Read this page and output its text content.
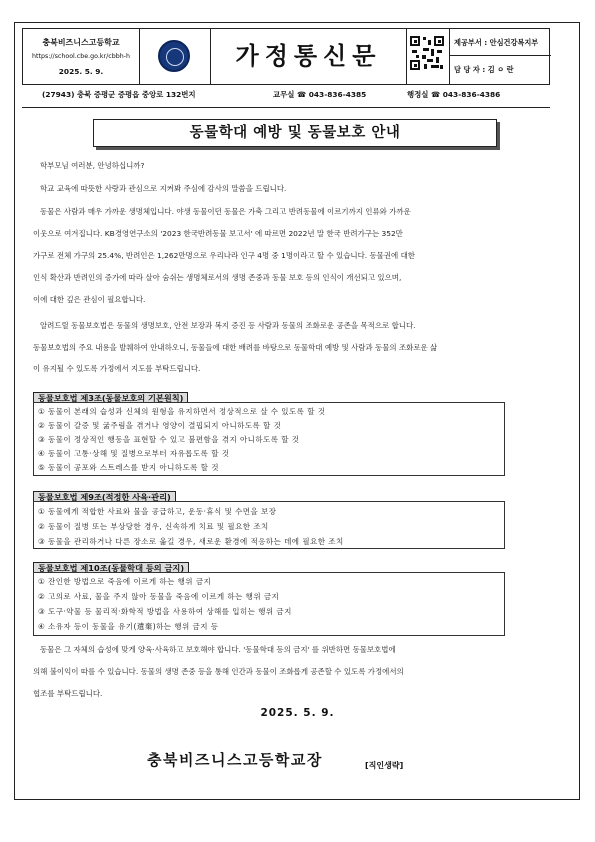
충북비즈니스고등학교
https://school.cbe.go.kr/cbbh-h
2025. 5. 9.
가정통신문	제공부서 : 안심건강복지부
담 당 자 : 김 ㅇ 란
(27943) 충북 증평군 증평읍 중앙로 132번지	교무실 ☎ 043-836-4385	행정실 ☎ 043-836-4386
동물학대 예방 및 동물보호 안내
학부모님 여러분, 안녕하십니까?
학교 교육에 따뜻한 사랑과 관심으로 지켜봐 주심에 감사의 말씀을 드립니다.
동물은 사람과 매우 가까운 생명체입니다. 야생 동물이던 동물은 가축 그리고 반려동물에 이르기까지 인류와 가까운
이웃으로 여겨집니다. KB경영연구소의 '2023 한국반려동물 보고서' 에 따르면 2022년 말 한국 반려가구는 352만
가구로 전체 가구의 25.4%, 반려인은 1,262만명으로 우리나라 인구 4명 중 1명이라고 할 수 있습니다. 동물권에 대한
인식 확산과 반려인의 증가에 따라 살아 숨쉬는 생명체로서의 생명 존중과 동물 보호 등의 인식이 개선되고 있으며,
이에 대한 깊은 관심이 필요합니다.
알려드릴 동물보호법은 동물의 생명보호, 안전 보장과 복지 증진 등 사람과 동물의 조화로운 공존을 목적으로 합니다.
동물보호법의 주요 내용을 발췌하여 안내하오니, 동물들에 대한 배려를 바탕으로 동물학대 예방 및 사람과 동물의 조화로운 삶
이 유지될 수 있도록 가정에서 지도를 부탁드립니다.
동물보호법 제3조(동물보호의 기본원칙)
① 동물이 본래의 습성과 신체의 원형을 유지하면서 정상적으로 살 수 있도록 할 것
② 동물이 갈증 및 굶주림을 겪거나 영양이 결핍되지 아니하도록 할 것
③ 동물이 정상적인 행동을 표현할 수 있고 불편함을 겪지 아니하도록 할 것
④ 동물이 고통·상해 및 질병으로부터 자유롭도록 할 것
⑤ 동물이 공포와 스트레스를 받지 아니하도록 할 것
동물보호법 제9조(적정한 사육·관리)
① 동물에게 적합한 사료와 물을 공급하고, 운동·휴식 및 수면을 보장
② 동물이 질병 또는 부상당한 경우, 신속하게 치료 및 필요한 조치
③ 동물을 관리하거나 다른 장소로 옮길 경우, 새로운 환경에 적응하는 데에 필요한 조치
동물보호법 제10조(동물학대 등의 금지)
① 잔인한 방법으로 죽음에 이르게 하는 행위 금지
② 고의로 사료, 물을 주지 않아 동물을 죽음에 이르게 하는 행위 금지
③ 도구·약물 등 물리적·화학적 방법을 사용하여 상해를 입히는 행위 금지
④ 소유자 등이 동물을 유기(遺棄)하는 행위 금지 등
동물은 그 자체의 습성에 맞게 양육·사육하고 보호해야 합니다. '동물학대 등의 금지' 를 위반하면 동물보호법에
의해 불이익이 따를 수 있습니다. 동물의 생명 존중 등을 통해 인간과 동물이 조화롭게 공존할 수 있도록 가정에서의
협조를 부탁드립니다.
2025. 5. 9.
충북비즈니스고등학교장	[직인생략]
